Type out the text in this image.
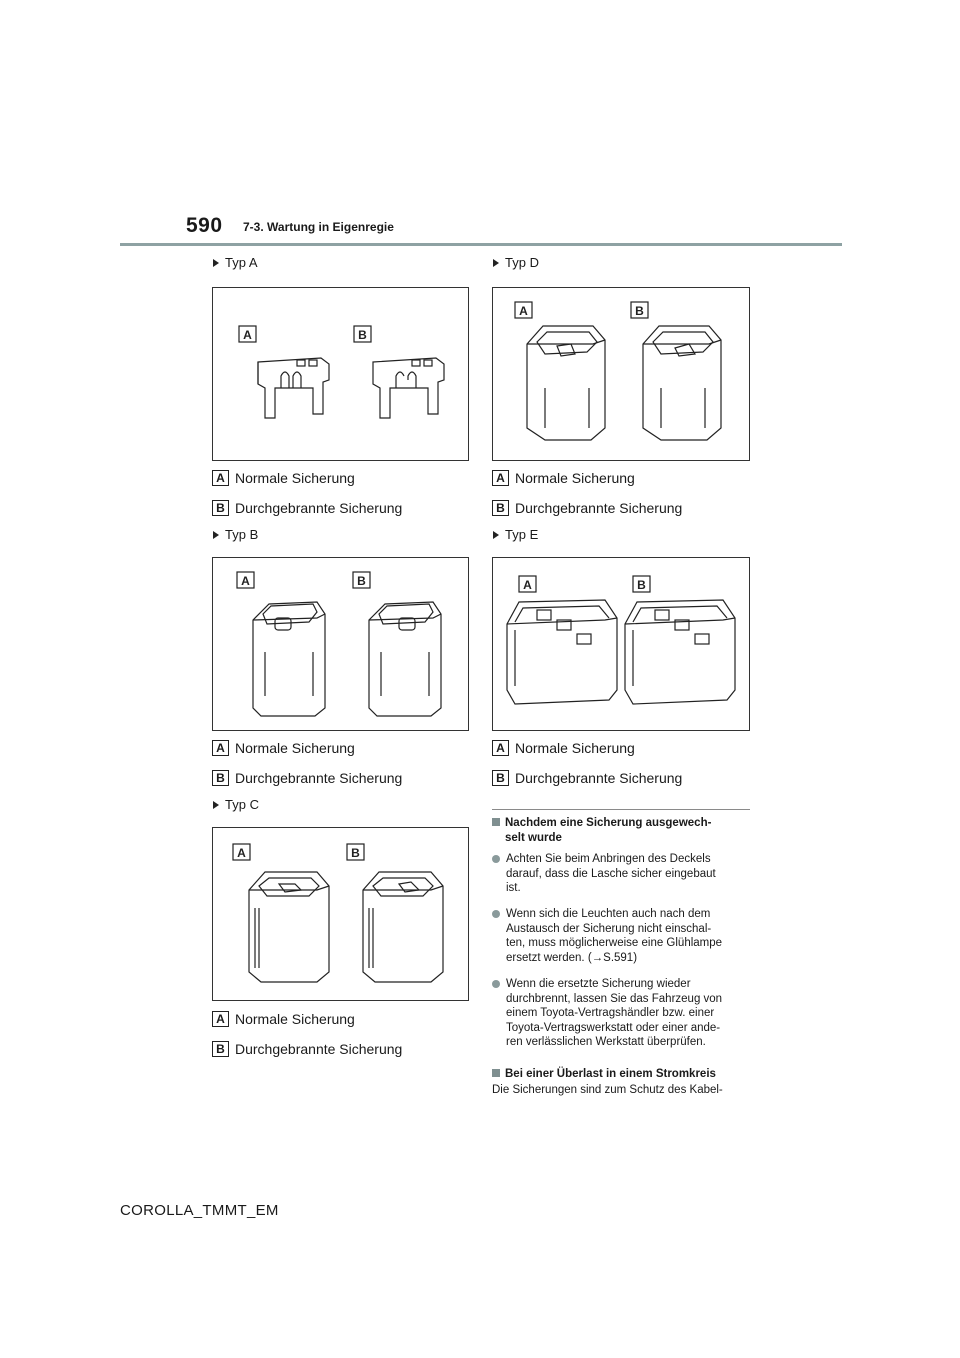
590 7-3. Wartung in Eigenregie
Typ A
A	B
A Normale Sicherung
B Durchgebrannte Sicherung
Typ B
A	B
A Normale Sicherung
B Durchgebrannte Sicherung
Typ C
A	B
A Normale Sicherung
B Durchgebrannte Sicherung
Typ D
A	B
A Normale Sicherung
B Durchgebrannte Sicherung
Typ E
A	B
A Normale Sicherung
B Durchgebrannte Sicherung
Nachdem eine Sicherung ausgewech-
selt wurde
Achten Sie beim Anbringen des Deckels
darauf, dass die Lasche sicher eingebaut
ist.
Wenn sich die Leuchten auch nach dem
Austausch der Sicherung nicht einschal-
ten, muss möglicherweise eine Glühlampe
ersetzt werden. (→S.591)
Wenn die ersetzte Sicherung wieder
durchbrennt, lassen Sie das Fahrzeug von
einem Toyota-Vertragshändler bzw. einer
Toyota-Vertragswerkstatt oder einer ande-
ren verlässlichen Werkstatt überprüfen.
Bei einer Überlast in einem Stromkreis
Die Sicherungen sind zum Schutz des Kabel-
COROLLA_TMMT_EM
